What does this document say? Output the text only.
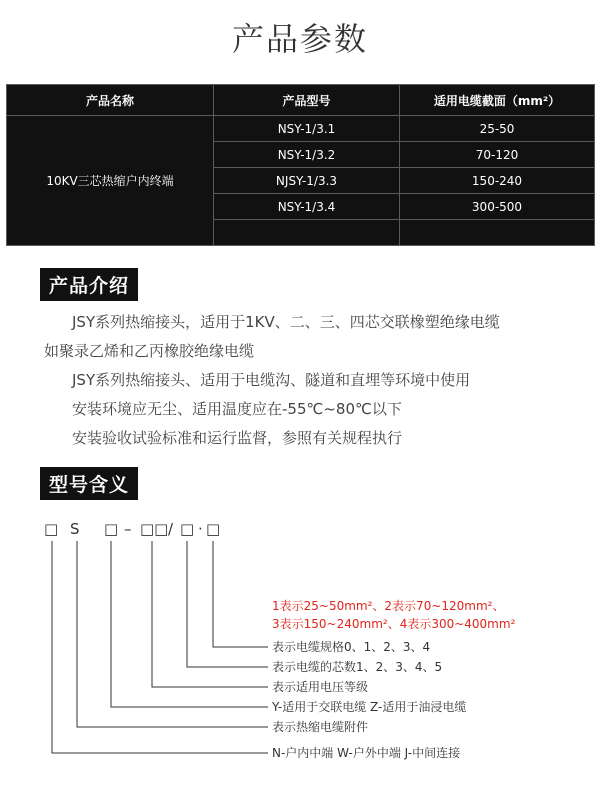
产品参数
产品名称	产品型号	适用电缆截面（mm²）
10KV三芯热缩户内终端	NSY-1/3.1	25-50
	NSY-1/3.2	70-120
	NJSY-1/3.3	150-240
	NSY-1/3.4	300-500

产品介绍
JSY系列热缩接头，适用于1KV、二、三、四芯交联橡塑绝缘电缆
如聚录乙烯和乙丙橡胶绝缘电缆
JSY系列热缩接头、适用于电缆沟、隧道和直埋等环境中使用
安装环境应无尘、适用温度应在-55℃~80℃以下
安装验收试验标准和运行监督，参照有关规程执行
型号含义
□ S □ – □□ / □ · □
1表示25~50mm²、2表示70~120mm²、
3表示150~240mm²、4表示300~400mm²
表示电缆规格0、1、2、3、4
表示电缆的芯数1、2、3、4、5
表示适用电压等级
Y-适用于交联电缆 Z-适用于油浸电缆
表示热缩电缆附件
N-户内中端 W-户外中端 J-中间连接
